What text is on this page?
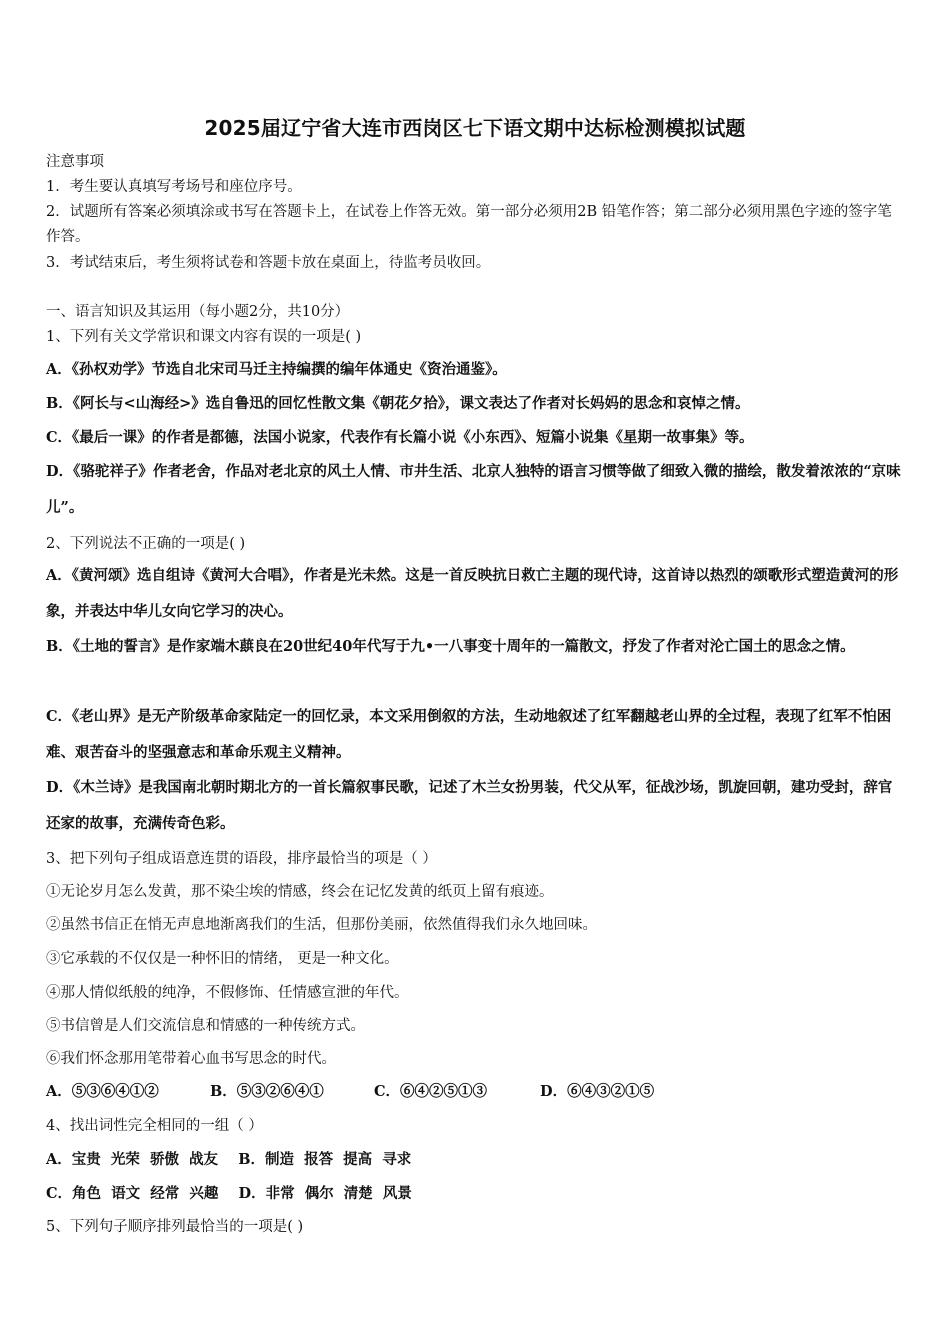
2025届辽宁省大连市西岗区七下语文期中达标检测模拟试题
注意事项
1．考生要认真填写考场号和座位序号。
2．试题所有答案必须填涂或书写在答题卡上，在试卷上作答无效。第一部分必须用2B 铅笔作答；第二部分必须用黑色字迹的签字笔作答。
3．考试结束后，考生须将试卷和答题卡放在桌面上，待监考员收回。
一、语言知识及其运用（每小题2分，共10分）
1、下列有关文学常识和课文内容有误的一项是( )
A．《孙权劝学》节选自北宋司马迁主持编撰的编年体通史《资治通鉴》。
B．《阿长与<山海经>》选自鲁迅的回忆性散文集《朝花夕拾》，课文表达了作者对长妈妈的思念和哀悼之情。
C．《最后一课》的作者是都德，法国小说家，代表作有长篇小说《小东西》、短篇小说集《星期一故事集》等。
D．《骆驼祥子》作者老舍，作品对老北京的风土人情、市井生活、北京人独特的语言习惯等做了细致入微的描绘，散发着浓浓的“京味儿”。
2、下列说法不正确的一项是( )
A．《黄河颂》选自组诗《黄河大合唱》，作者是光未然。这是一首反映抗日救亡主题的现代诗，这首诗以热烈的颂歌形式塑造黄河的形象，并表达中华儿女向它学习的决心。
B．《土地的誓言》是作家端木蕻良在20世纪40年代写于九•一八事变十周年的一篇散文，抒发了作者对沦亡国土的思念之情。
C．《老山界》是无产阶级革命家陆定一的回忆录，本文采用倒叙的方法，生动地叙述了红军翻越老山界的全过程，表现了红军不怕困难、艰苦奋斗的坚强意志和革命乐观主义精神。
D．《木兰诗》是我国南北朝时期北方的一首长篇叙事民歌，记述了木兰女扮男装，代父从军，征战沙场，凯旋回朝，建功受封，辞官还家的故事，充满传奇色彩。
3、把下列句子组成语意连贯的语段，排序最恰当的项是（ ）
①无论岁月怎么发黄，那不染尘埃的情感，终会在记忆发黄的纸页上留有痕迹。
②虽然书信正在悄无声息地渐离我们的生活，但那份美丽，依然值得我们永久地回味。
③它承载的不仅仅是一种怀旧的情绪， 更是一种文化。
④那人情似纸般的纯净，不假修饰、任情感宣泄的年代。
⑤书信曾是人们交流信息和情感的一种传统方式。
⑥我们怀念那用笔带着心血书写思念的时代。
A．⑤③⑥④①②	B．⑤③②⑥④①	C．⑥④②⑤①③	D．⑥④③②①⑤
4、找出词性完全相同的一组（ ）
A．宝贵  光荣  骄傲  战友    B．制造  报答  提高  寻求
C．角色  语文  经常  兴趣    D．非常  偶尔  清楚  风景
5、下列句子顺序排列最恰当的一项是( )
